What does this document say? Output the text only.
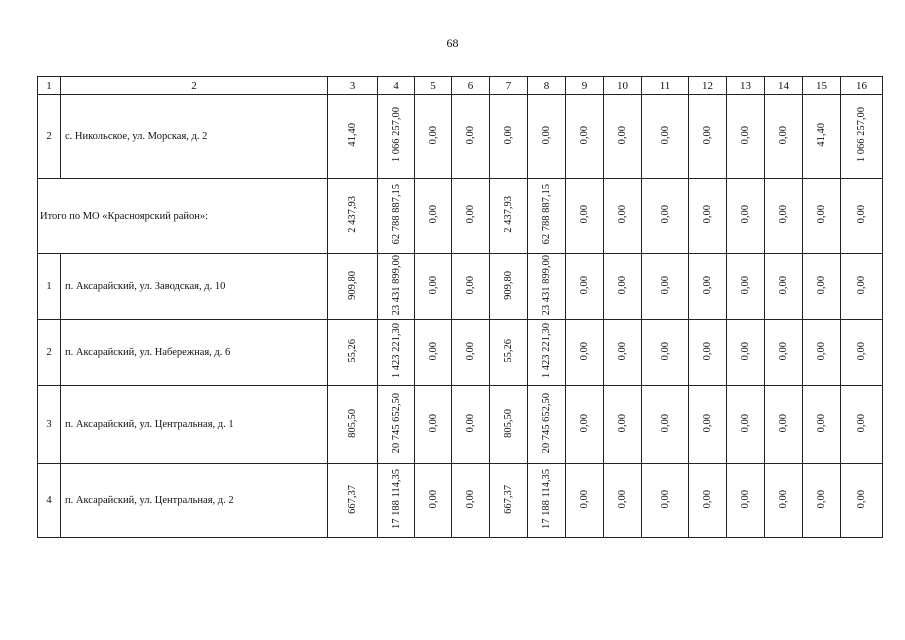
68
1	2	3	4	5	6	7	8	9	10	11	12	13	14	15	16
2	с. Никольское, ул. Морская, д. 2	41,40	1 066 257,00	0,00	0,00	0,00	0,00	0,00	0,00	0,00	0,00	0,00	0,00	41,40	1 066 257,00
Итого по МО «Красноярский район»:		2 437,93	62 788 887,15	0,00	0,00	2 437,93	62 788 887,15	0,00	0,00	0,00	0,00	0,00	0,00	0,00	0,00
1	п. Аксарайский, ул. Заводская, д. 10	909,80	23 431 899,00	0,00	0,00	909,80	23 431 899,00	0,00	0,00	0,00	0,00	0,00	0,00	0,00	0,00
2	п. Аксарайский, ул. Набережная, д. 6	55,26	1 423 221,30	0,00	0,00	55,26	1 423 221,30	0,00	0,00	0,00	0,00	0,00	0,00	0,00	0,00
3	п. Аксарайский, ул. Центральная, д. 1	805,50	20 745 652,50	0,00	0,00	805,50	20 745 652,50	0,00	0,00	0,00	0,00	0,00	0,00	0,00	0,00
4	п. Аксарайский, ул. Центральная, д. 2	667,37	17 188 114,35	0,00	0,00	667,37	17 188 114,35	0,00	0,00	0,00	0,00	0,00	0,00	0,00	0,00
